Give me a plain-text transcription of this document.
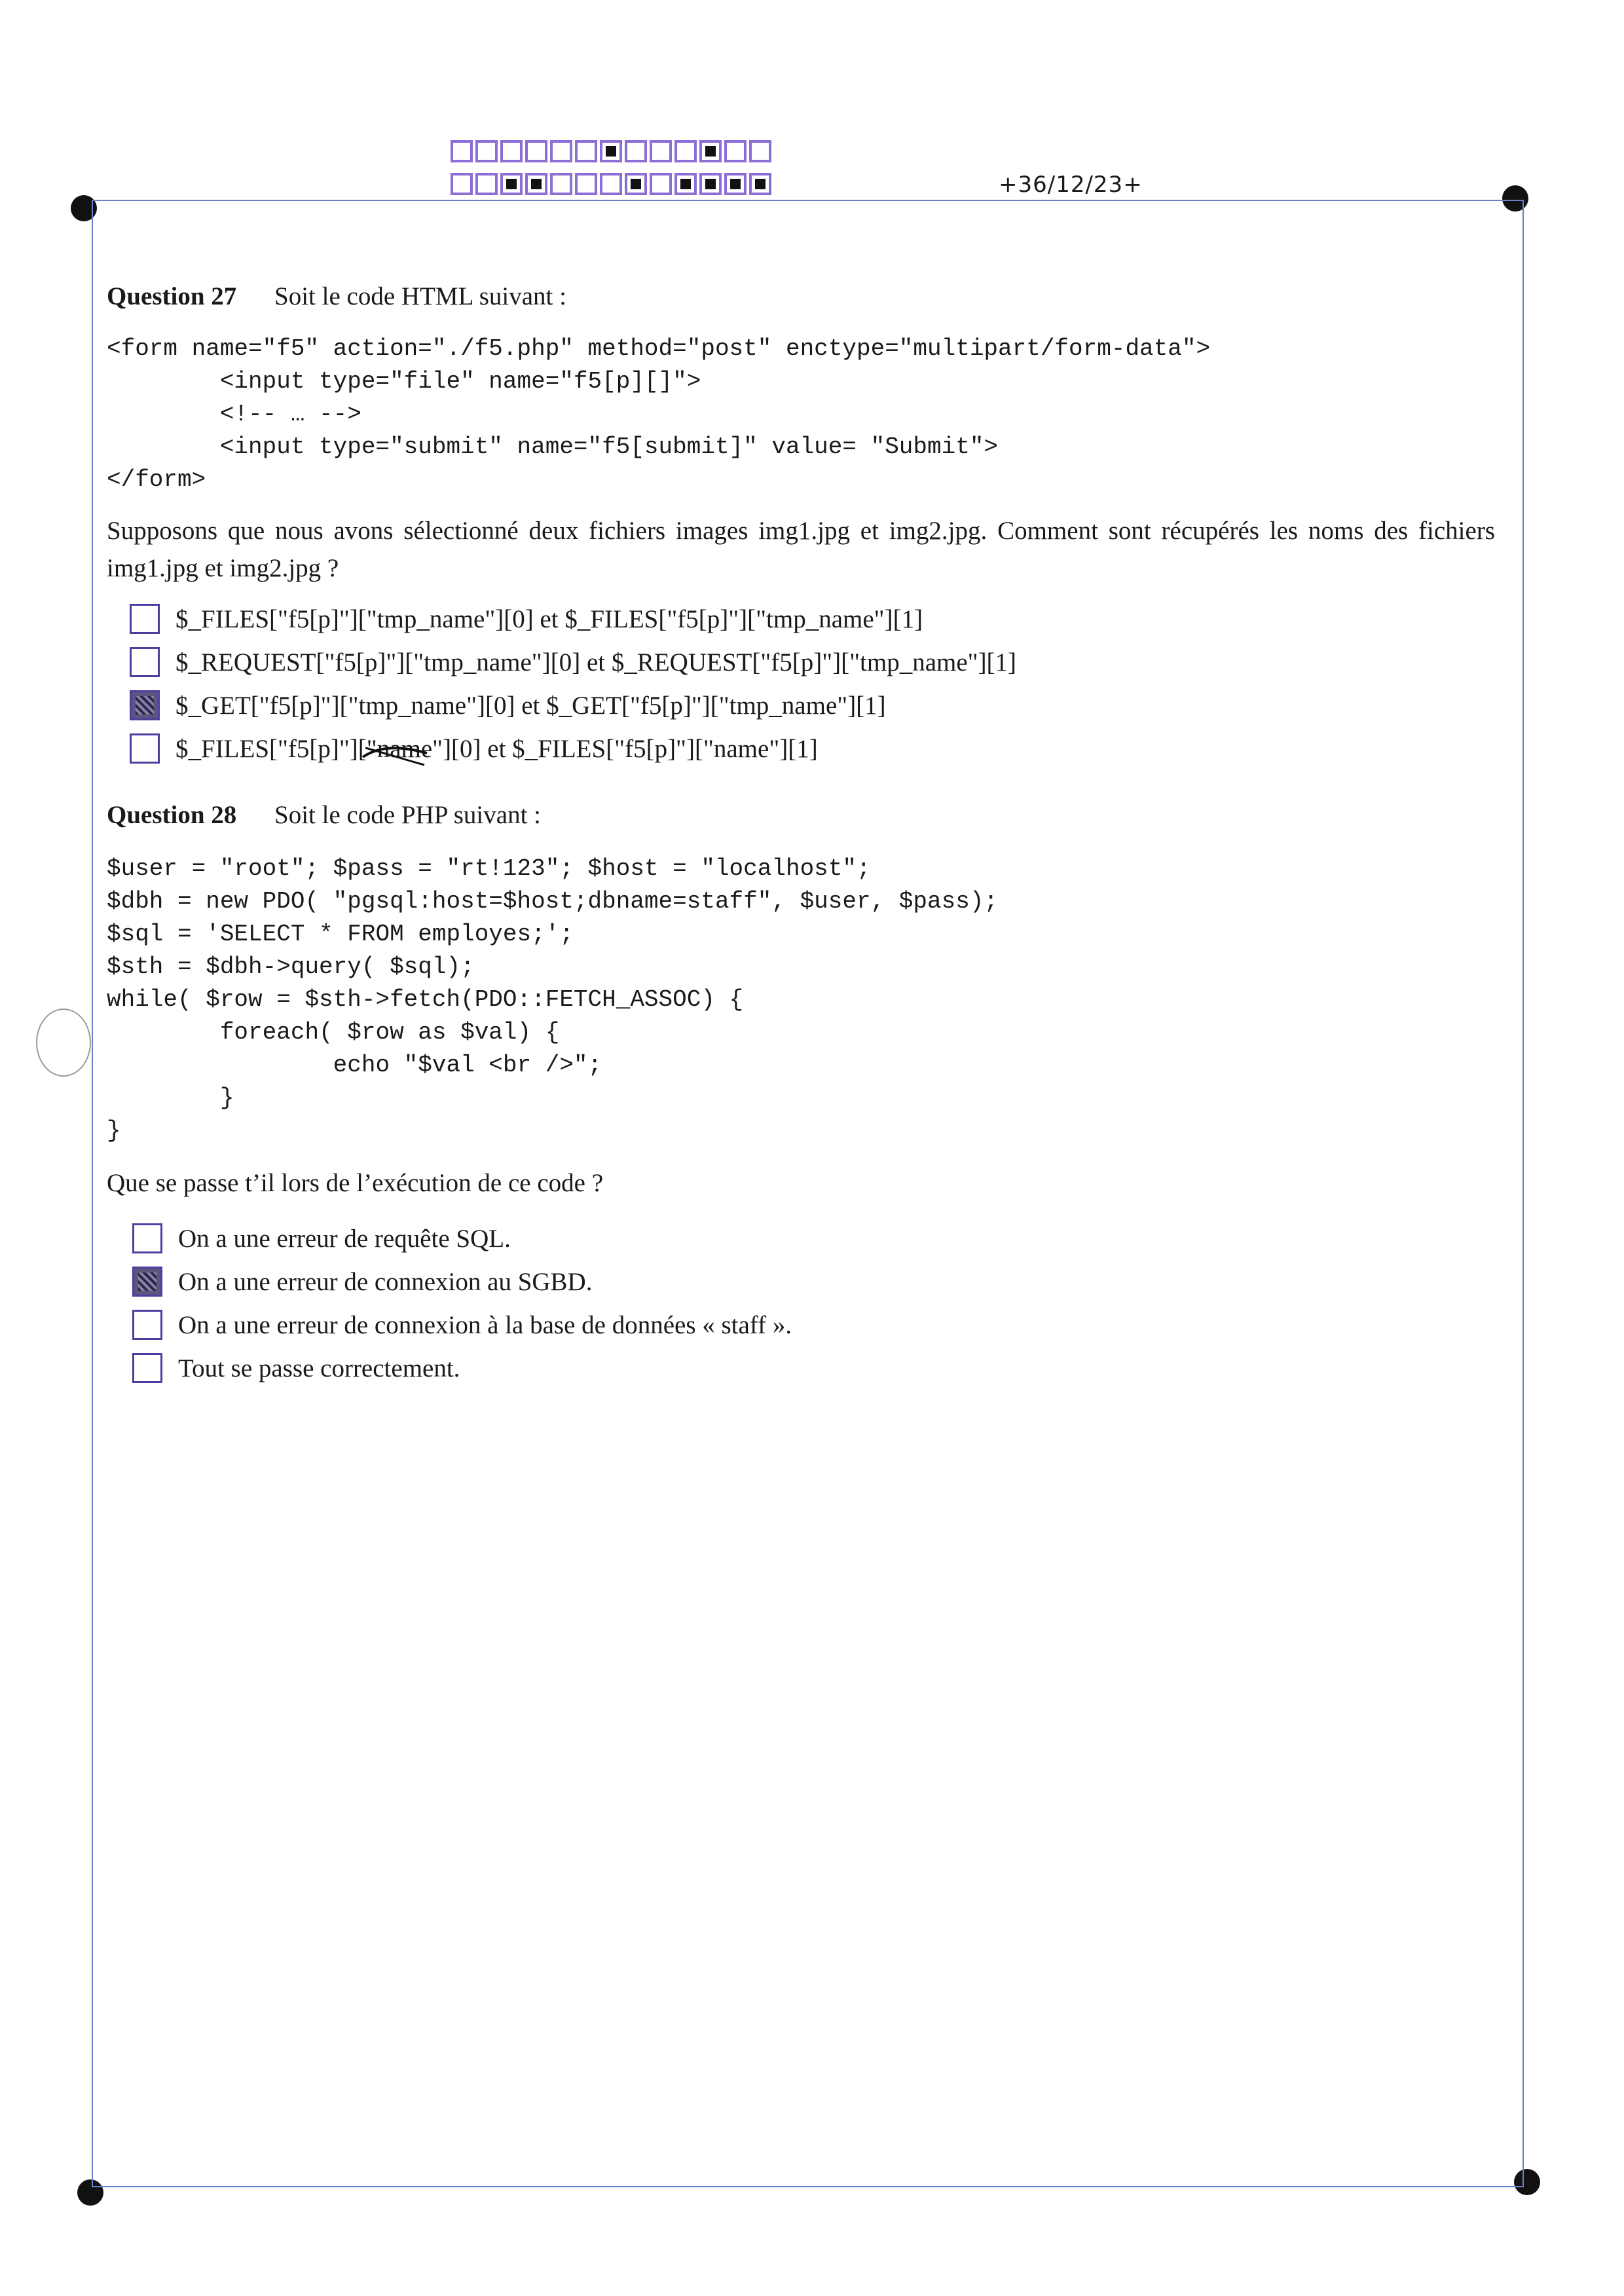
+36/12/23+
Question 27 Soit le code HTML suivant :
<form name="f5" action="./f5.php" method="post" enctype="multipart/form-data">
<input type="file" name="f5[p][]">
<!-- … -->
<input type="submit" name="f5[submit]" value= "Submit">
</form>
Supposons que nous avons sélectionné deux fichiers images img1.jpg et img2.jpg. Comment sont récupérés les noms des fichiers img1.jpg et img2.jpg ?
$_FILES["f5[p]"]["tmp_name"][0] et $_FILES["f5[p]"]["tmp_name"][1]
$_REQUEST["f5[p]"]["tmp_name"][0] et $_REQUEST["f5[p]"]["tmp_name"][1]
$_GET["f5[p]"]["tmp_name"][0] et $_GET["f5[p]"]["tmp_name"][1]
$_FILES["f5[p]"]["name"][0] et $_FILES["f5[p]"]["name"][1]
Question 28 Soit le code PHP suivant :
$user = "root"; $pass = "rt!123"; $host = "localhost";
$dbh = new PDO( "pgsql:host=$host;dbname=staff", $user, $pass);
$sql = 'SELECT * FROM employes;';
$sth = $dbh->query( $sql);
while( $row = $sth->fetch(PDO::FETCH_ASSOC) {
foreach( $row as $val) {
echo "$val <br />";
}
}
Que se passe t’il lors de l’exécution de ce code ?
On a une erreur de requête SQL.
On a une erreur de connexion au SGBD.
On a une erreur de connexion à la base de données « staff ».
Tout se passe correctement.
